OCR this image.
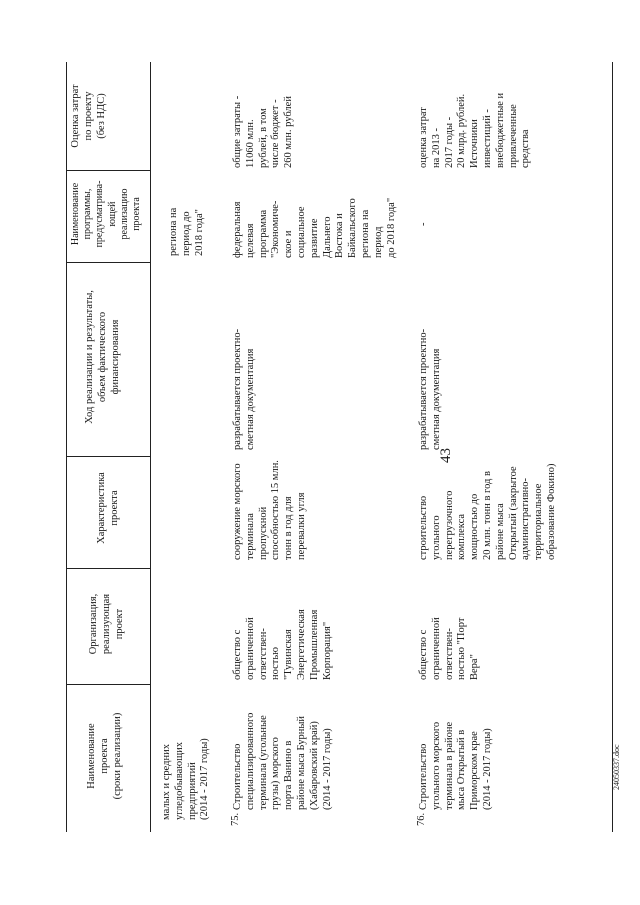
Оценка затрат
по проекту
(без НДС)
Наименование
программы,
предусматрива-
ющей
реализацию
проекта
Ход реализации и результаты,
объем фактического
финансирования
Характеристика
проекта
Организация,
реализующая
проект
Наименование
проекта
(сроки реализации)
43
региона на
период до
2018 года"
малых и средних
угледобывающих
предприятий
(2014 - 2017 годы)
75.
Строительство
специализированного
терминала (угольные
грузы) морского
порта Ванино в
районе мыса Бурный
(Хабаровский край)
(2014 - 2017 годы)
общество с
ограниченной
ответствен-
ностью
"Тувинская
Энергетическая
Промышленная
Корпорация"
сооружение морского
терминала
пропускной
способностью 15 млн.
тонн в год для
перевалки угля
разрабатывается проектно-
сметная документация
федеральная
целевая
программа
"Экономиче-
ское и
социальное
развитие
Дальнего
Востока и
Байкальского
региона на
период
до 2018 года"
общие затраты -
11060 млн.
рублей, в том
числе бюджет -
260 млн. рублей
76.
Строительство
угольного морского
терминала в районе
мыса Открытый в
Приморском крае
(2014 - 2017 годы)
общество с
ограниченной
ответствен-
ностью "Порт
Вера"
строительство
угольного
перегрузочного
комплекса
мощностью до
20 млн. тонн в год в
районе мыса
Открытый (закрытое
административно-
территориальное
образование Фокино)
разрабатывается проектно-
сметная документация
-
оценка затрат
на 2013 -
2017 годы -
20 млрд. рублей.
Источники
инвестиций -
внебюджетные и
привлеченные
средства
24050337.doc
